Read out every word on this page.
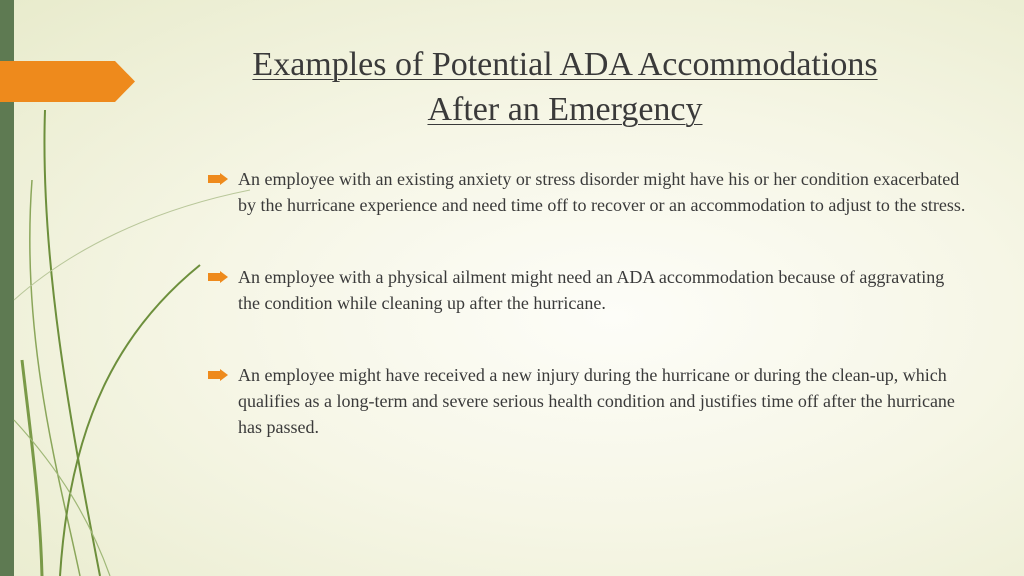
Examples of Potential ADA Accommodations
After an Emergency
An employee with an existing anxiety or stress disorder might have his or her condition exacerbated by the hurricane experience and need time off to recover or an accommodation to adjust to the stress.
An employee with a physical ailment might need an ADA accommodation because of aggravating the condition while cleaning up after the hurricane.
An employee might have received a new injury during the hurricane or during the clean-up, which qualifies as a long-term and severe serious health condition and justifies time off after the hurricane has passed.
